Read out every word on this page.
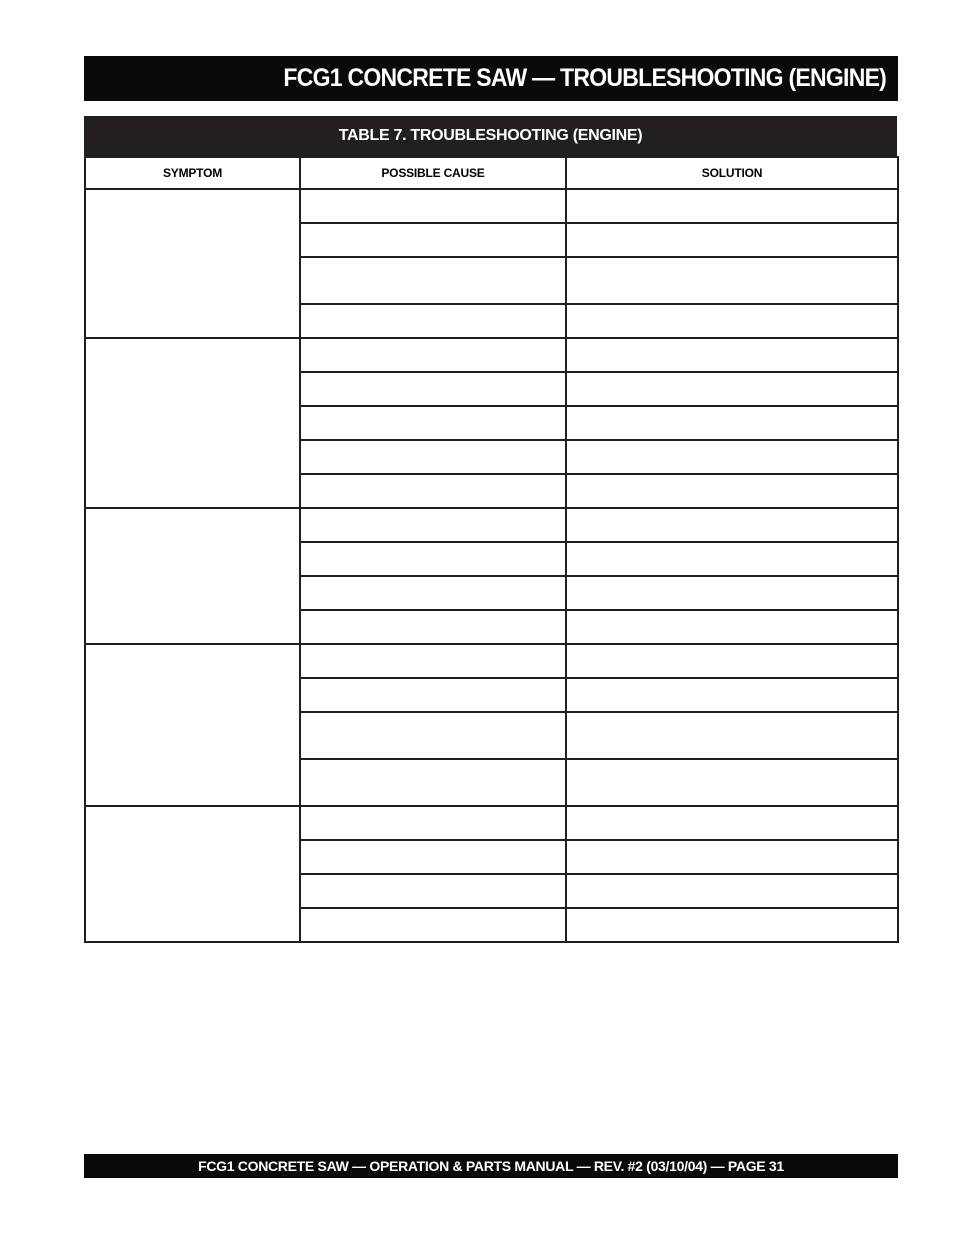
FCG1 CONCRETE SAW — TROUBLESHOOTING (ENGINE)
TABLE 7. TROUBLESHOOTING (ENGINE)
SYMPTOM	POSSIBLE CAUSE	SOLUTION

FCG1 CONCRETE SAW — OPERATION & PARTS MANUAL — REV. #2 (03/10/04) — PAGE 31
